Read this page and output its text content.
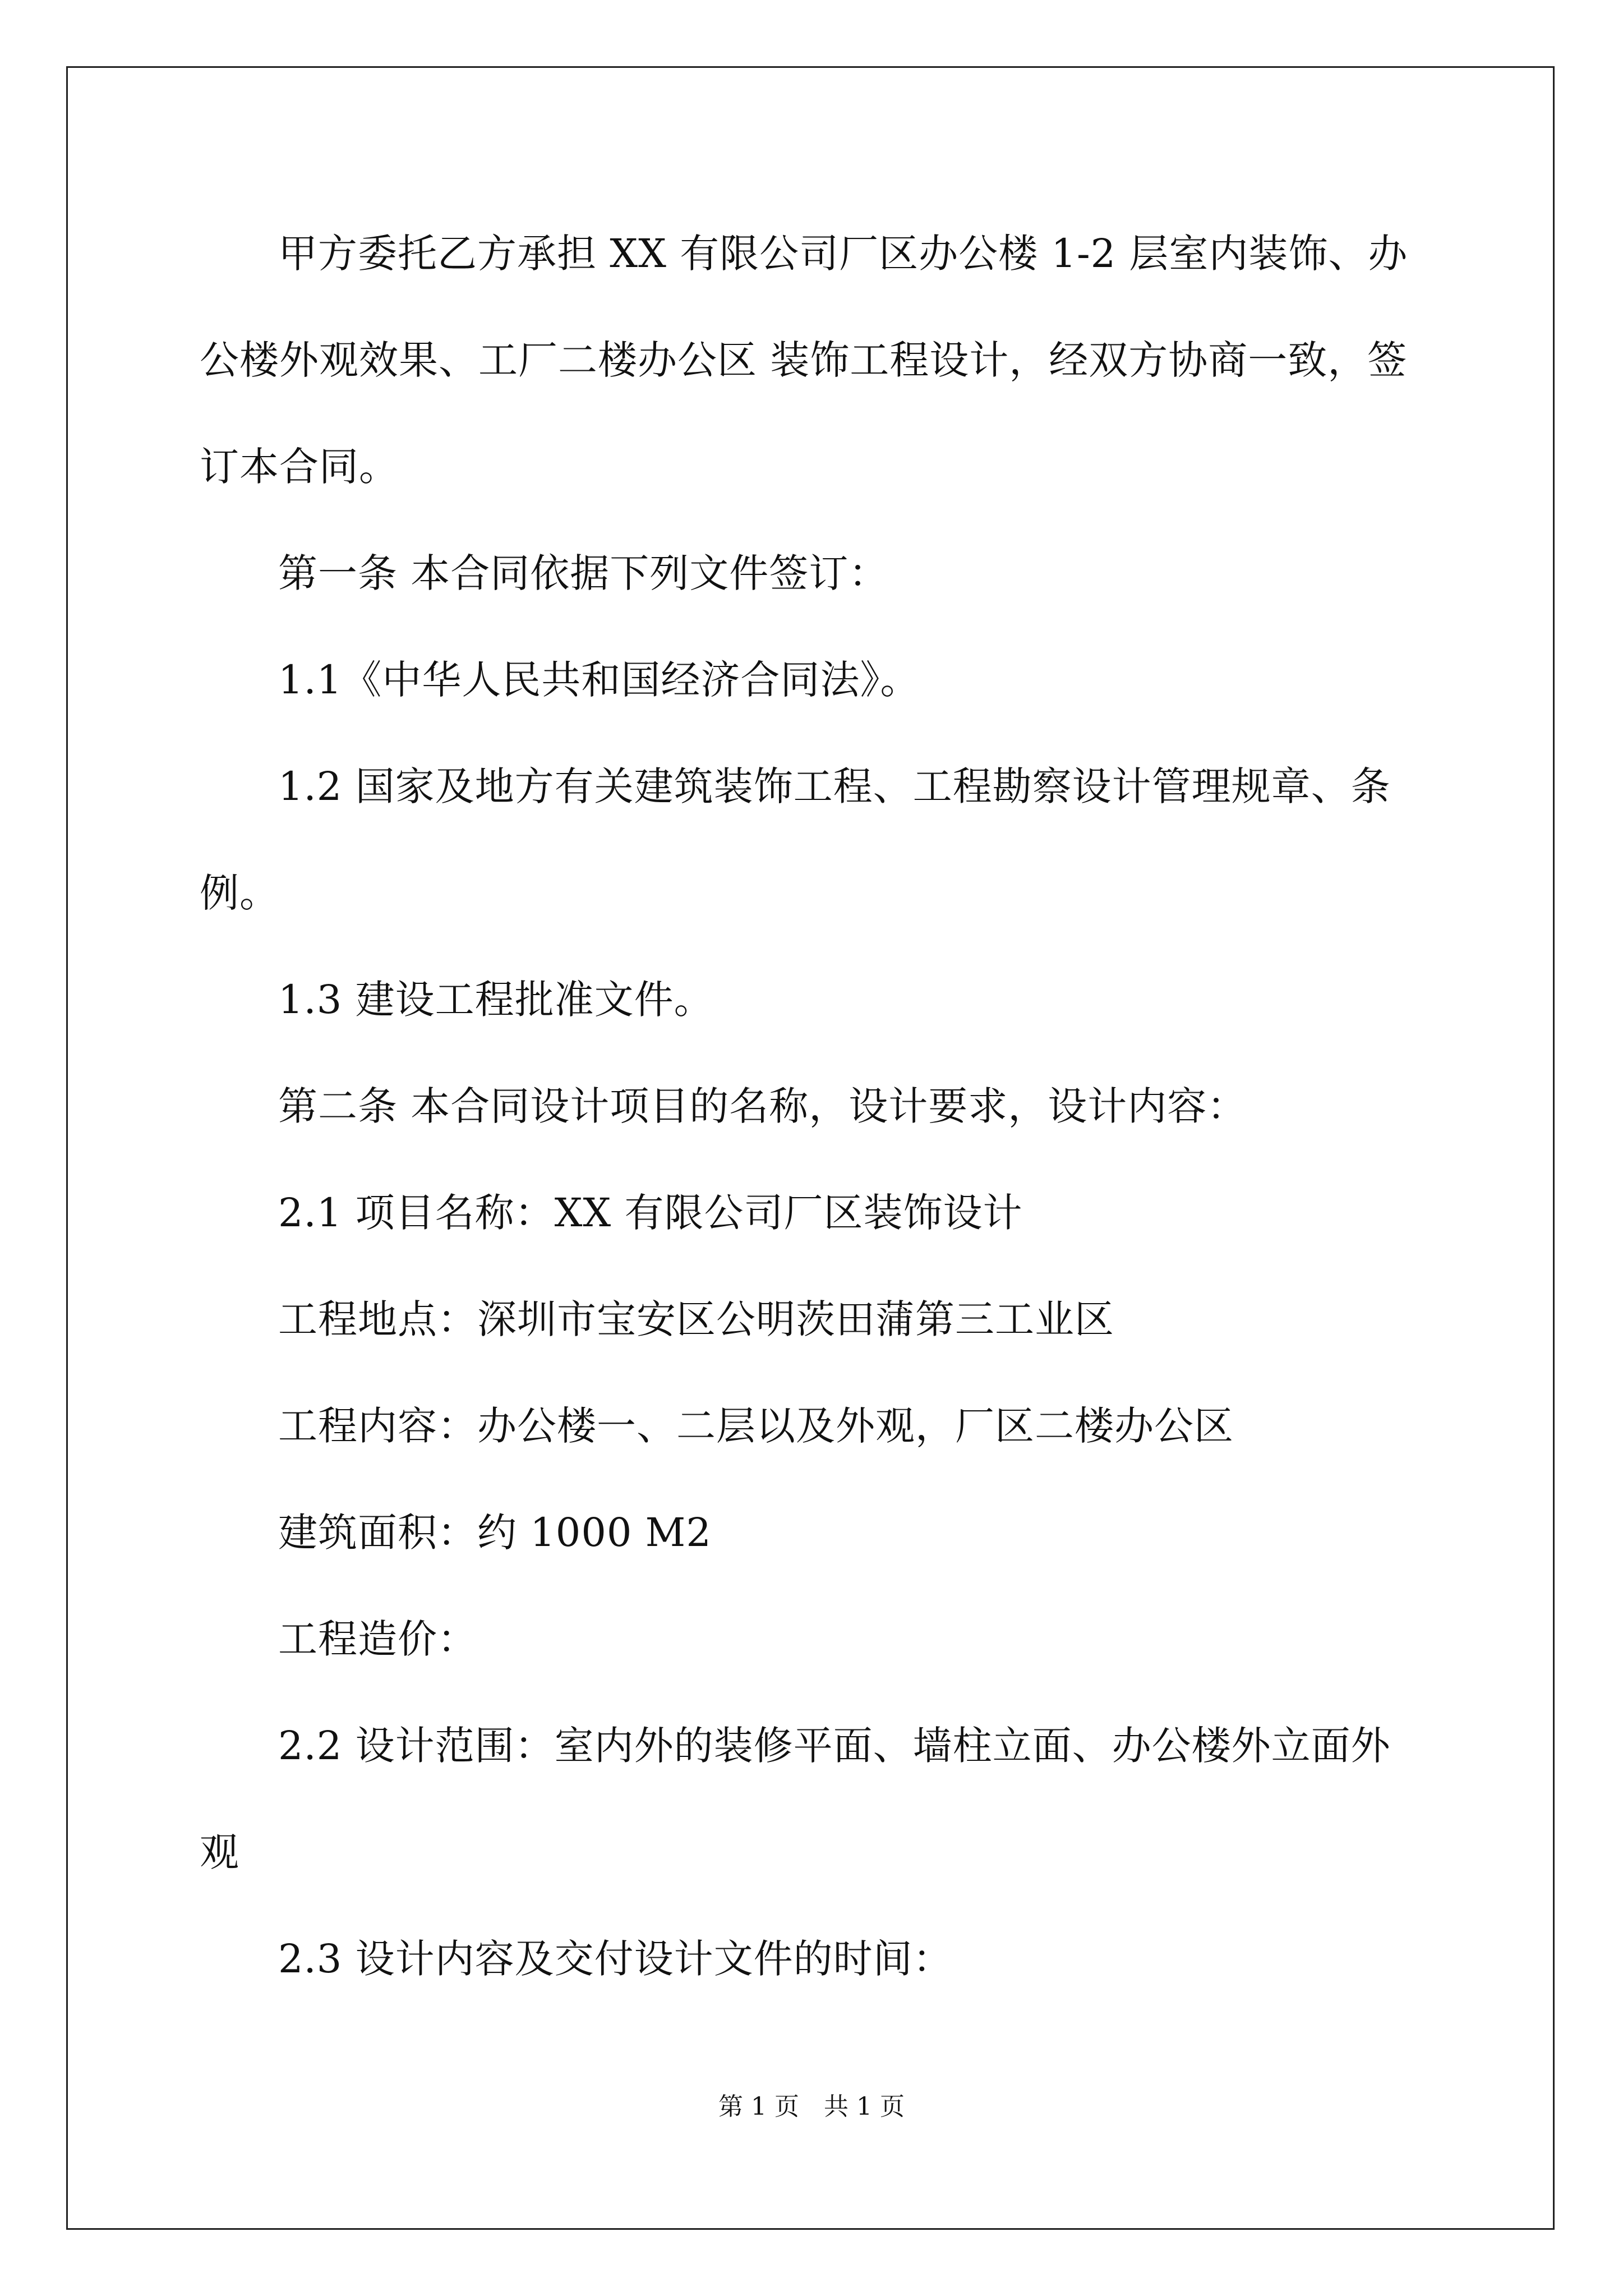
甲方委托乙方承担 XX 有限公司厂区办公楼 1-2 层室内装饰、办
公楼外观效果、工厂二楼办公区 装饰工程设计，经双方协商一致，签
订本合同。
第一条 本合同依据下列文件签订：
1.1《中华人民共和国经济合同法》。
1.2 国家及地方有关建筑装饰工程、工程勘察设计管理规章、条
例。
1.3 建设工程批准文件。
第二条 本合同设计项目的名称，设计要求，设计内容：
2.1 项目名称：XX 有限公司厂区装饰设计
工程地点：深圳市宝安区公明茨田蒲第三工业区
工程内容：办公楼一、二层以及外观，厂区二楼办公区
建筑面积：约 1000 M2
工程造价：
2.2 设计范围：室内外的装修平面、墙柱立面、办公楼外立面外
观
2.3 设计内容及交付设计文件的时间：
第 1 页　共 1 页
